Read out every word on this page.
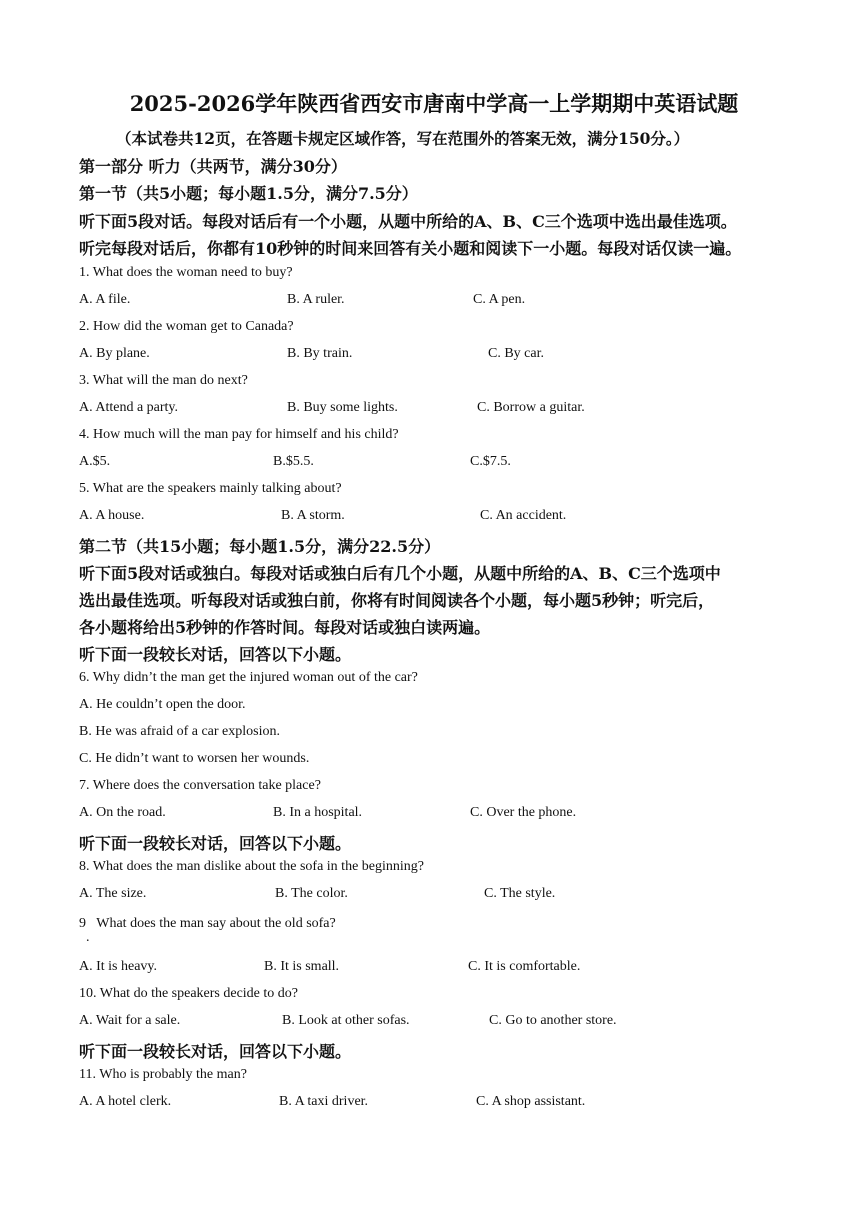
2025-2026学年陕西省西安市唐南中学高一上学期期中英语试题
（本试卷共12页，在答题卡规定区域作答，写在范围外的答案无效，满分150分。）
第一部分 听力（共两节，满分30分）
第一节（共5小题；每小题1.5分，满分7.5分）
听下面5段对话。每段对话后有一个小题，从题中所给的A、B、C三个选项中选出最佳选项。
听完每段对话后，你都有10秒钟的时间来回答有关小题和阅读下一小题。每段对话仅读一遍。
1. What does the woman need to buy?
A. A file.	B. A ruler.	C. A pen.
2. How did the woman get to Canada?
A. By plane.	B. By train.	C. By car.
3. What will the man do next?
A. Attend a party.	B. Buy some lights.	C. Borrow a guitar.
4. How much will the man pay for himself and his child?
A.$5.	B.$5.5.	C.$7.5.
5. What are the speakers mainly talking about?
A. A house.	B. A storm.	C. An accident.
第二节（共15小题；每小题1.5分，满分22.5分）
听下面5段对话或独白。每段对话或独白后有几个小题，从题中所给的A、B、C三个选项中
选出最佳选项。听每段对话或独白前，你将有时间阅读各个小题，每小题5秒钟；听完后，
各小题将给出5秒钟的作答时间。每段对话或独白读两遍。
听下面一段较长对话，回答以下小题。
6. Why didn’t the man get the injured woman out of the car?
A. He couldn’t open the door.
B. He was afraid of a car explosion.
C. He didn’t want to worsen her wounds.
7. Where does the conversation take place?
A. On the road.	B. In a hospital.	C. Over the phone.
听下面一段较长对话，回答以下小题。
8. What does the man dislike about the sofa in the beginning?
A. The size.	B. The color.	C. The style.
9   What does the man say about the old sofa?
.
A. It is heavy.	B. It is small.	C. It is comfortable.
10. What do the speakers decide to do?
A. Wait for a sale.	B. Look at other sofas.	C. Go to another store.
听下面一段较长对话，回答以下小题。
11. Who is probably the man?
A. A hotel clerk.	B. A taxi driver.	C. A shop assistant.
